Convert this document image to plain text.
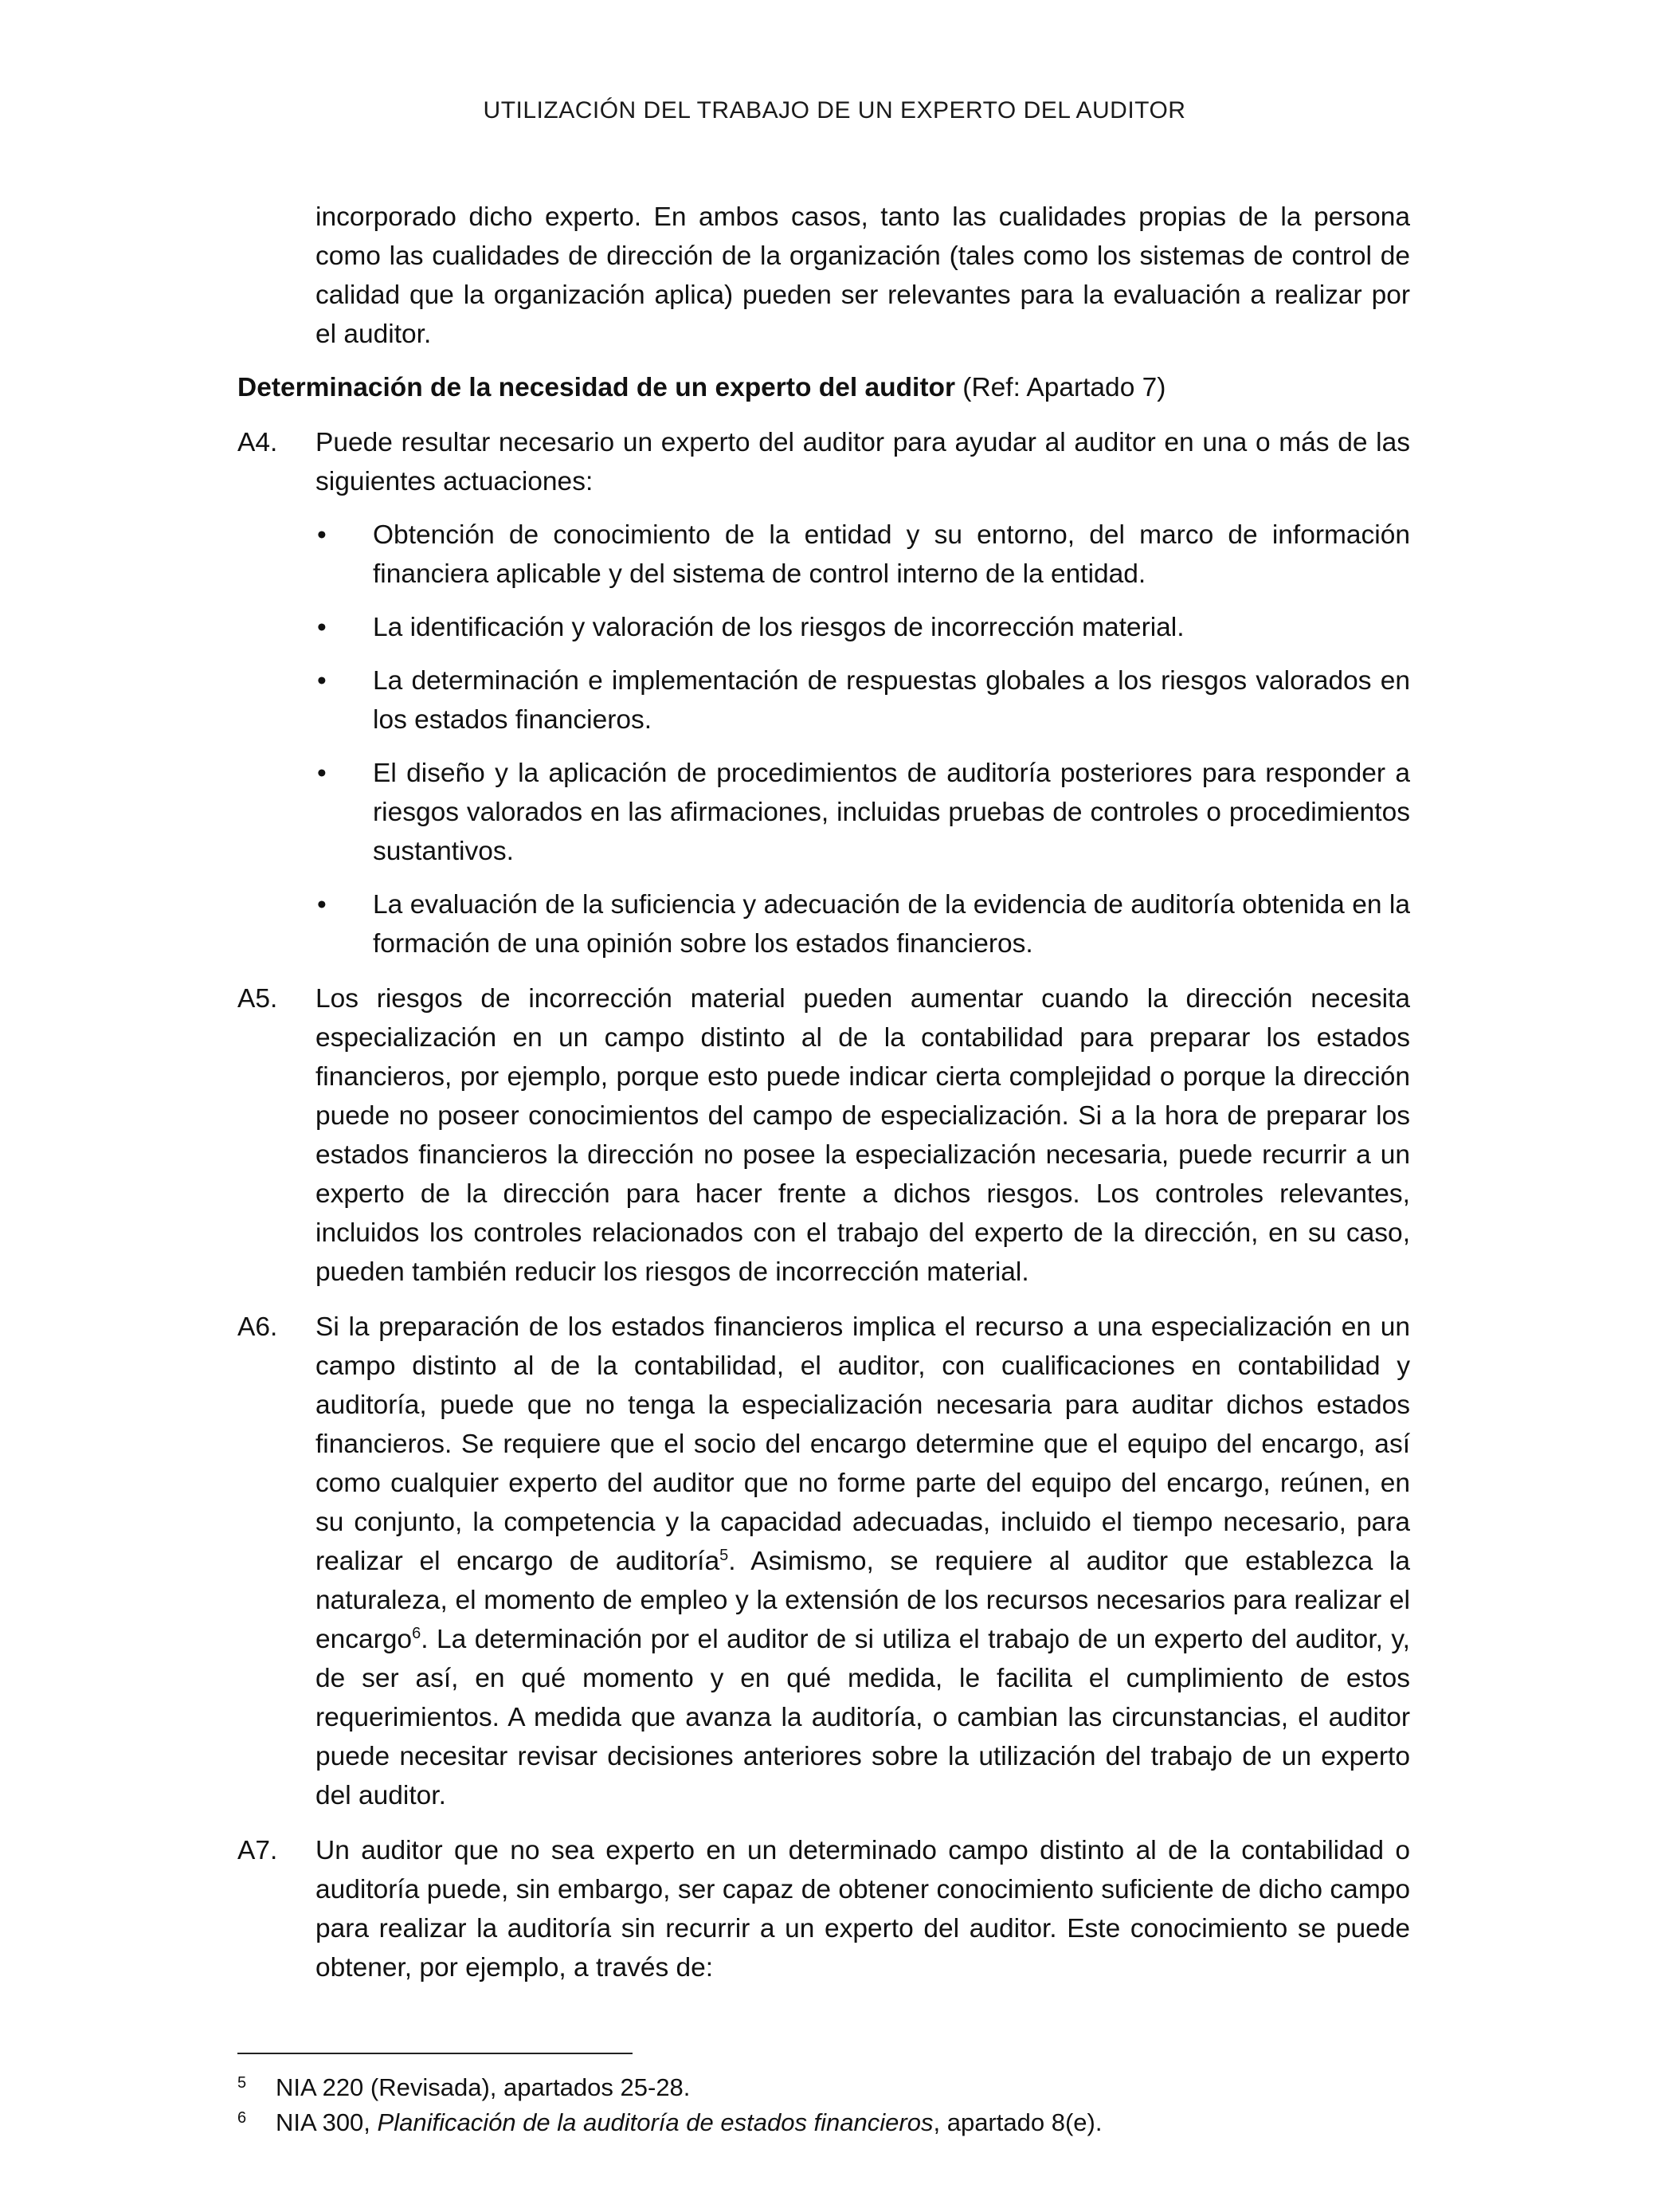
UTILIZACIÓN DEL TRABAJO DE UN EXPERTO DEL AUDITOR

incorporado dicho experto. En ambos casos, tanto las cualidades propias de la persona como las cualidades de dirección de la organización (tales como los sistemas de control de calidad que la organización aplica) pueden ser relevantes para la evaluación a realizar por el auditor.

Determinación de la necesidad de un experto del auditor (Ref: Apartado 7)

A4. Puede resultar necesario un experto del auditor para ayudar al auditor en una o más de las siguientes actuaciones:
• Obtención de conocimiento de la entidad y su entorno, del marco de información financiera aplicable y del sistema de control interno de la entidad.
• La identificación y valoración de los riesgos de incorrección material.
• La determinación e implementación de respuestas globales a los riesgos valorados en los estados financieros.
• El diseño y la aplicación de procedimientos de auditoría posteriores para responder a riesgos valorados en las afirmaciones, incluidas pruebas de controles o procedimientos sustantivos.
• La evaluación de la suficiencia y adecuación de la evidencia de auditoría obtenida en la formación de una opinión sobre los estados financieros.
A5. Los riesgos de incorrección material pueden aumentar cuando la dirección necesita especialización en un campo distinto al de la contabilidad para preparar los estados financieros, por ejemplo, porque esto puede indicar cierta complejidad o porque la dirección puede no poseer conocimientos del campo de especialización. Si a la hora de preparar los estados financieros la dirección no posee la especialización necesaria, puede recurrir a un experto de la dirección para hacer frente a dichos riesgos. Los controles relevantes, incluidos los controles relacionados con el trabajo del experto de la dirección, en su caso, pueden también reducir los riesgos de incorrección material.
A6. Si la preparación de los estados financieros implica el recurso a una especialización en un campo distinto al de la contabilidad, el auditor, con cualificaciones en contabilidad y auditoría, puede que no tenga la especialización necesaria para auditar dichos estados financieros. Se requiere que el socio del encargo determine que el equipo del encargo, así como cualquier experto del auditor que no forme parte del equipo del encargo, reúnen, en su conjunto, la competencia y la capacidad adecuadas, incluido el tiempo necesario, para realizar el encargo de auditoría$^5$. Asimismo, se requiere al auditor que establezca la naturaleza, el momento de empleo y la extensión de los recursos necesarios para realizar el encargo$^6$. La determinación por el auditor de si utiliza el trabajo de un experto del auditor, y, de ser así, en qué momento y en qué medida, le facilita el cumplimiento de estos requerimientos. A medida que avanza la auditoría, o cambian las circunstancias, el auditor puede necesitar revisar decisiones anteriores sobre la utilización del trabajo de un experto del auditor.
A7. Un auditor que no sea experto en un determinado campo distinto al de la contabilidad o auditoría puede, sin embargo, ser capaz de obtener conocimiento suficiente de dicho campo para realizar la auditoría sin recurrir a un experto del auditor. Este conocimiento se puede obtener, por ejemplo, a través de:
5 NIA 220 (Revisada), apartados 25-28.
6 NIA 300, Planificación de la auditoría de estados financieros, apartado 8(e).
